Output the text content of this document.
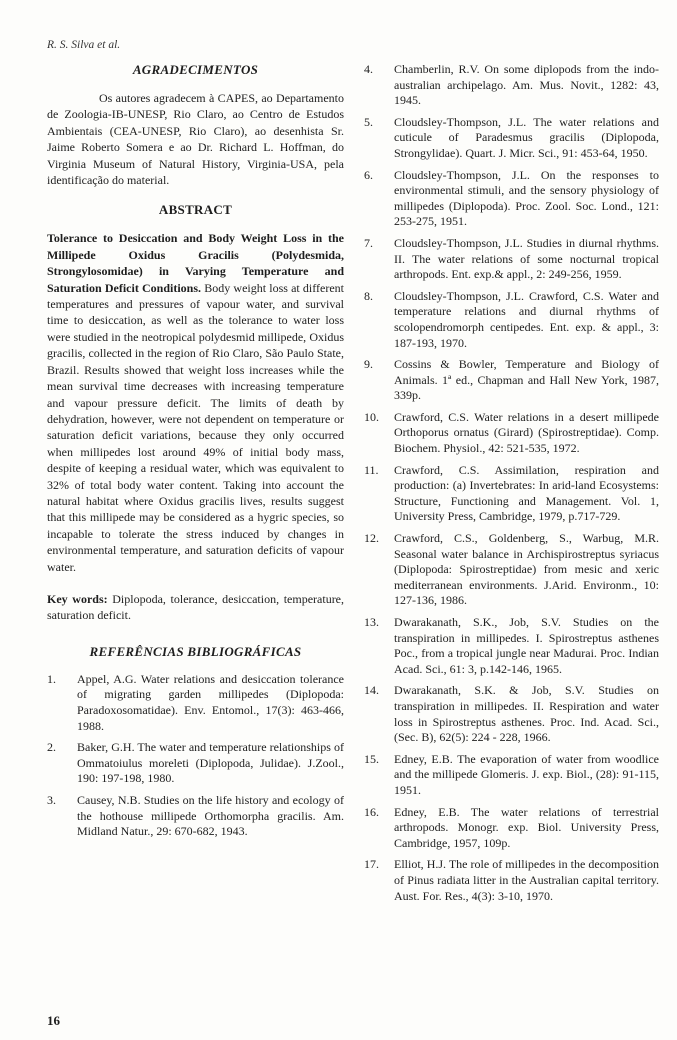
R. S. Silva et al.
AGRADECIMENTOS

Os autores agradecem à CAPES, ao Departamento de Zoologia-IB-UNESP, Rio Claro, ao Centro de Estudos Ambientais (CEA-UNESP, Rio Claro), ao desenhista Sr. Jaime Roberto Somera e ao Dr. Richard L. Hoffman, do Virginia Museum of Natural History, Virginia-USA, pela identificação do material.

ABSTRACT

Tolerance to Desiccation and Body Weight Loss in the Millipede Oxidus Gracilis (Polydesmida, Strongylosomidae) in Varying Temperature and Saturation Deficit Conditions. Body weight loss at different temperatures and pressures of vapour water, and survival time to desiccation, as well as the tolerance to water loss were studied in the neotropical polydesmid millipede, Oxidus gracilis, collected in the region of Rio Claro, São Paulo State, Brazil. Results showed that weight loss increases while the mean survival time decreases with increasing temperature and vapour pressure deficit. The limits of death by dehydration, however, were not dependent on temperature or saturation deficit variations, because they only occurred when millipedes lost around 49% of initial body mass, despite of keeping a residual water, which was equivalent to 32% of total body water content. Taking into account the natural habitat where Oxidus gracilis lives, results suggest that this millipede may be considered as a hygric species, so incapable to tolerate the stress induced by changes in environmental temperature, and saturation deficits of vapour water.

Key words: Diplopoda, tolerance, desiccation, temperature, saturation deficit.

REFERÊNCIAS BIBLIOGRÁFICAS
1.	Appel, A.G. Water relations and desiccation tolerance of migrating garden millipedes (Diplopoda: Paradoxosomatidae). Env. Entomol., 17(3): 463-466, 1988.
2.	Baker, G.H. The water and temperature relationships of Ommatoiulus moreleti (Diplopoda, Julidae). J.Zool., 190: 197-198, 1980.
3.	Causey, N.B. Studies on the life history and ecology of the hothouse millipede Orthomorpha gracilis. Am. Midland Natur., 29: 670-682, 1943.
4.	Chamberlin, R.V. On some diplopods from the indo-australian archipelago. Am. Mus. Novit., 1282: 43, 1945.
5.	Cloudsley-Thompson, J.L. The water relations and cuticule of Paradesmus gracilis (Diplopoda, Strongylidae). Quart. J. Micr. Sci., 91: 453-64, 1950.
6.	Cloudsley-Thompson, J.L. On the responses to environmental stimuli, and the sensory physiology of millipedes (Diplopoda). Proc. Zool. Soc. Lond., 121: 253-275, 1951.
7.	Cloudsley-Thompson, J.L. Studies in diurnal rhythms. II. The water relations of some nocturnal tropical arthropods. Ent. exp.& appl., 2: 249-256, 1959.
8.	Cloudsley-Thompson, J.L. Crawford, C.S. Water and temperature relations and diurnal rhythms of scolopendromorph centipedes. Ent. exp. & appl., 3: 187-193, 1970.
9.	Cossins & Bowler, Temperature and Biology of Animals. 1ª ed., Chapman and Hall New York, 1987, 339p.
10.	Crawford, C.S. Water relations in a desert millipede Orthoporus ornatus (Girard) (Spirostreptidae). Comp. Biochem. Physiol., 42: 521-535, 1972.
11.	Crawford, C.S. Assimilation, respiration and production: (a) Invertebrates: In arid-land Ecosystems: Structure, Functioning and Management. Vol. 1, University Press, Cambridge, 1979, p.717-729.
12.	Crawford, C.S., Goldenberg, S., Warbug, M.R. Seasonal water balance in Archispirostreptus syriacus (Diplopoda: Spirostreptidae) from mesic and xeric mediterranean environments. J.Arid. Environm., 10: 127-136, 1986.
13.	Dwarakanath, S.K., Job, S.V. Studies on the transpiration in millipedes. I. Spirostreptus asthenes Poc., from a tropical jungle near Madurai. Proc. Indian Acad. Sci., 61: 3, p.142-146, 1965.
14.	Dwarakanath, S.K. & Job, S.V. Studies on transpiration in millipedes. II. Respiration and water loss in Spirostreptus asthenes. Proc. Ind. Acad. Sci., (Sec. B), 62(5): 224 - 228, 1966.
15.	Edney, E.B. The evaporation of water from woodlice and the millipede Glomeris. J. exp. Biol., (28): 91-115, 1951.
16.	Edney, E.B. The water relations of terrestrial arthropods. Monogr. exp. Biol. University Press, Cambridge, 1957, 109p.
17.	Elliot, H.J. The role of millipedes in the decomposition of Pinus radiata litter in the Australian capital territory. Aust. For. Res., 4(3): 3-10, 1970.
16
